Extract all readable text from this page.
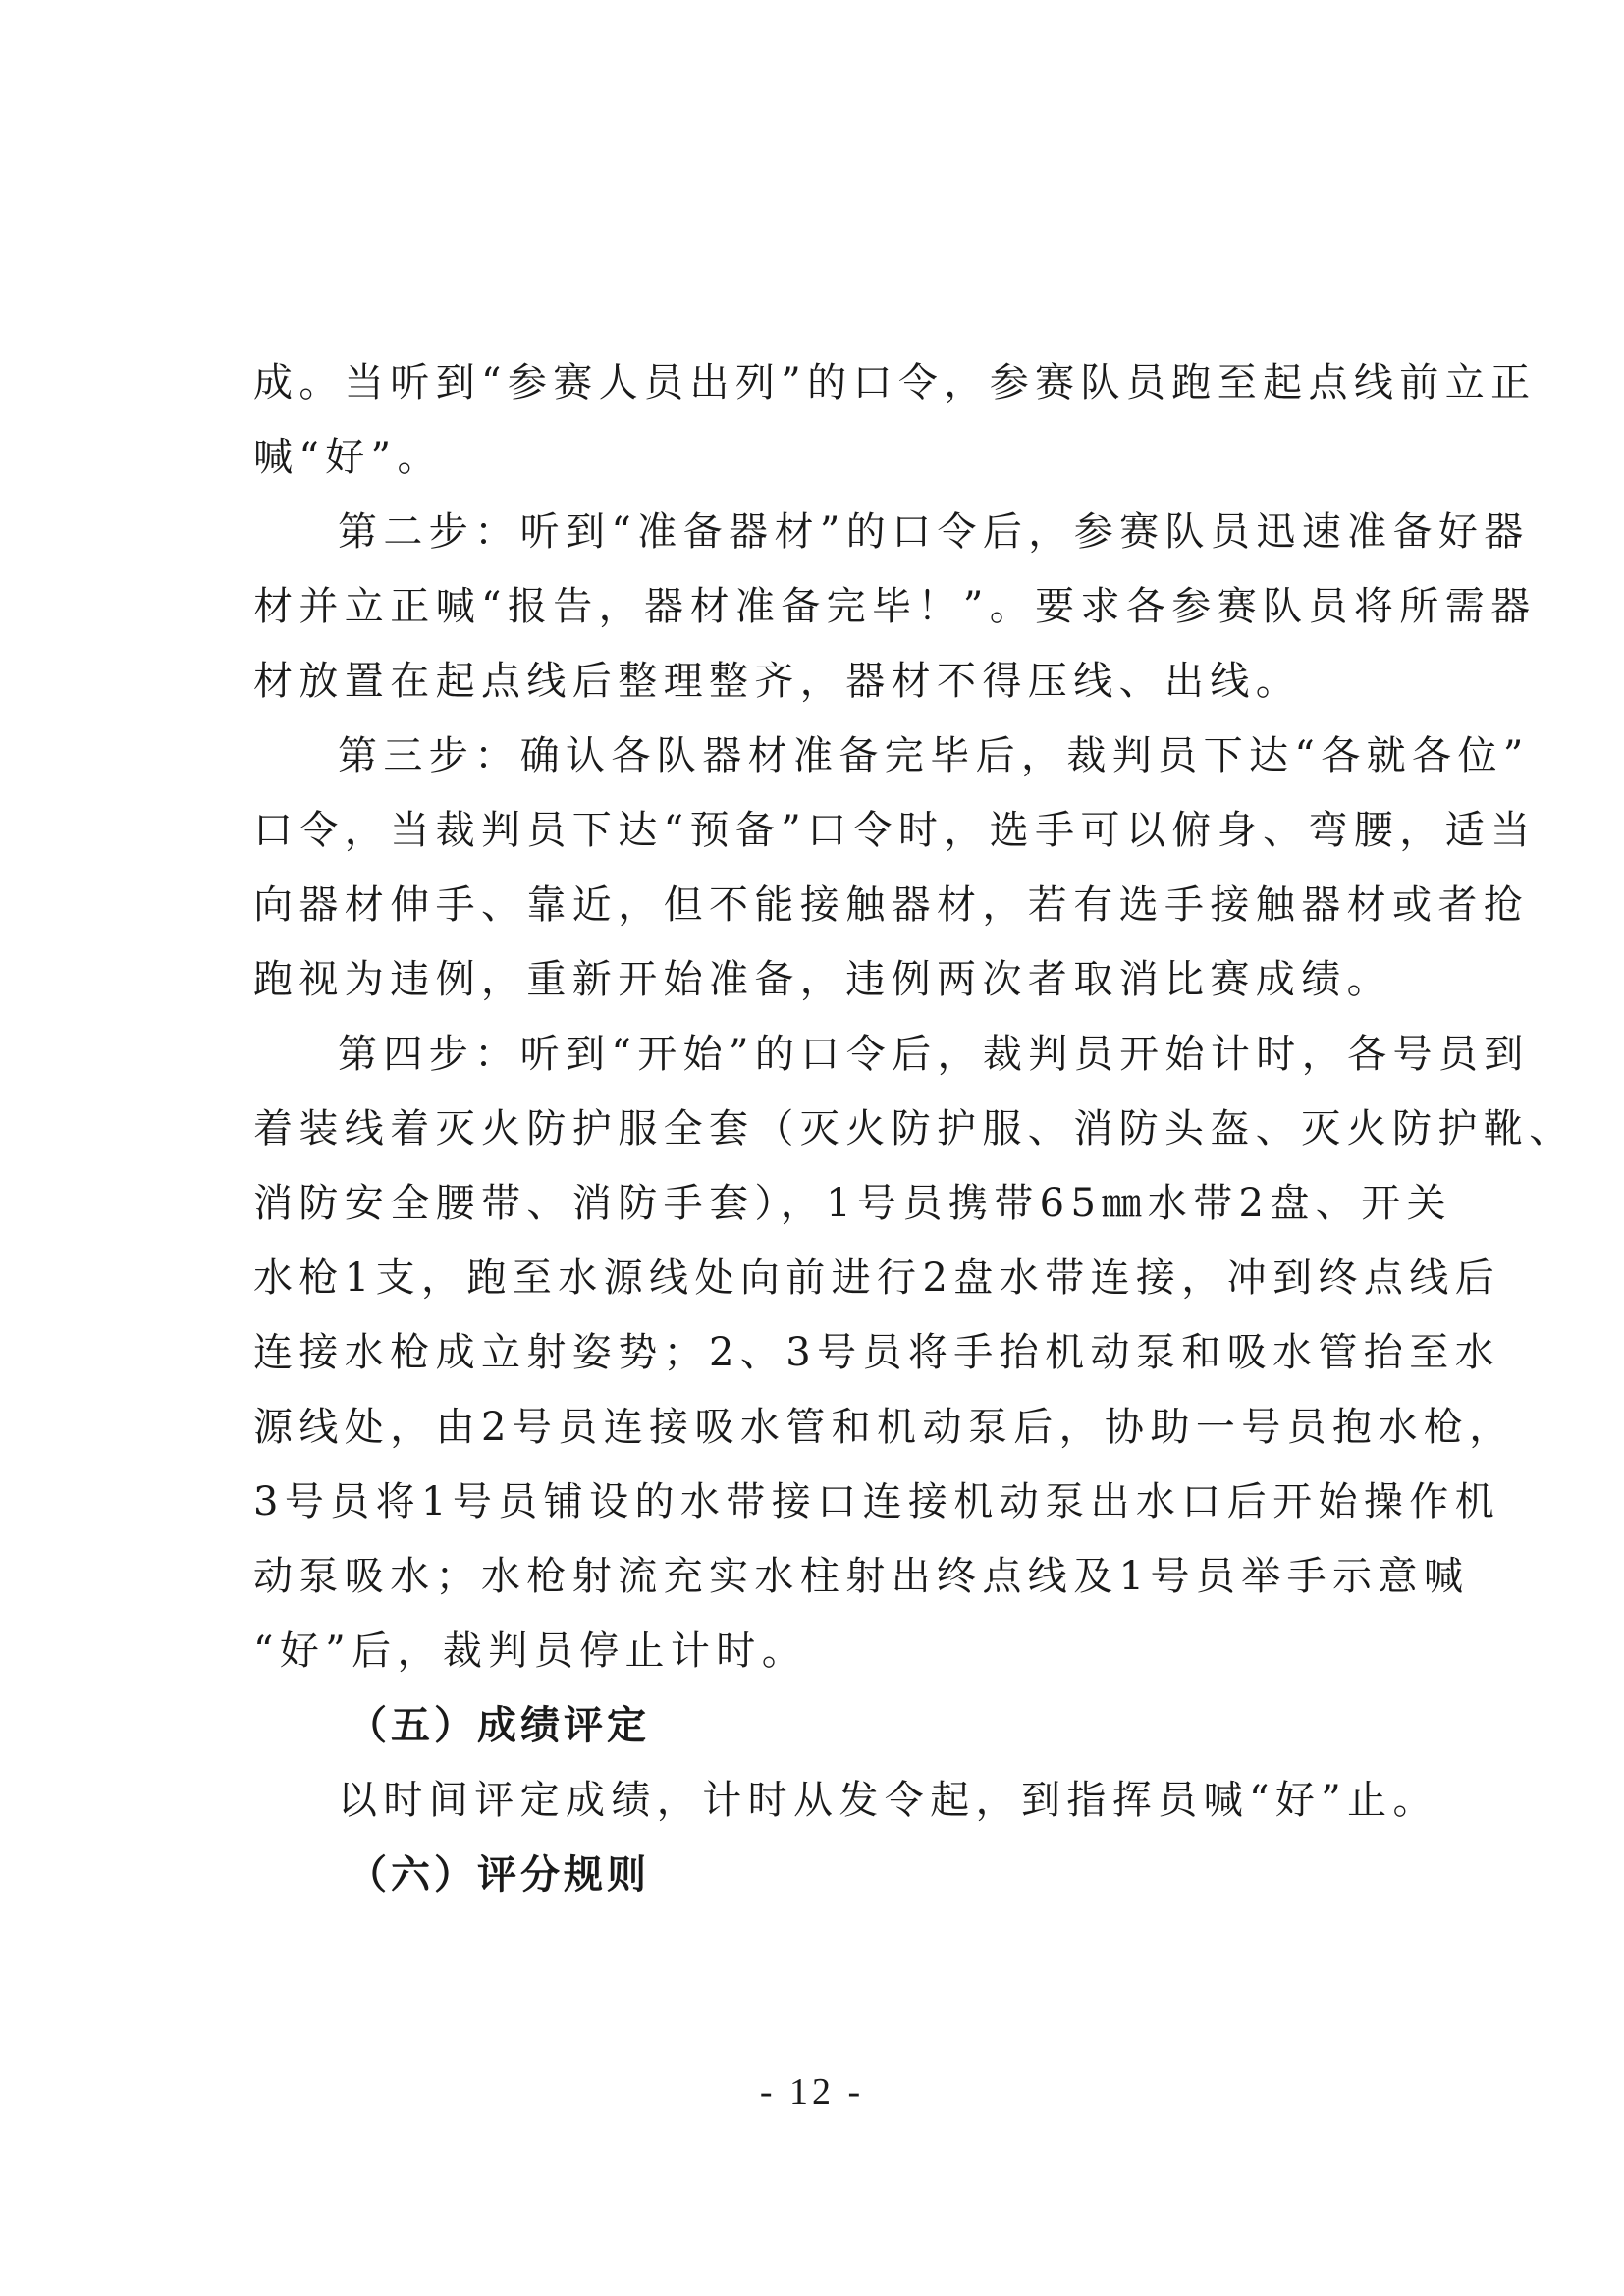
成。当听到“参赛人员出列”的口令，参赛队员跑至起点线前立正

喊“好”。

第二步：听到“准备器材”的口令后，参赛队员迅速准备好器

材并立正喊“报告，器材准备完毕！”。要求各参赛队员将所需器

材放置在起点线后整理整齐，器材不得压线、出线。

第三步：确认各队器材准备完毕后，裁判员下达“各就各位”

口令，当裁判员下达“预备”口令时，选手可以俯身、弯腰，适当

向器材伸手、靠近，但不能接触器材，若有选手接触器材或者抢

跑视为违例，重新开始准备，违例两次者取消比赛成绩。

第四步：听到“开始”的口令后，裁判员开始计时，各号员到

着装线着灭火防护服全套（灭火防护服、消防头盔、灭火防护靴、

消防安全腰带、消防手套），1号员携带65㎜水带2盘、开关

水枪1支，跑至水源线处向前进行2盘水带连接，冲到终点线后

连接水枪成立射姿势；2、3号员将手抬机动泵和吸水管抬至水

源线处，由2号员连接吸水管和机动泵后，协助一号员抱水枪，

3号员将1号员铺设的水带接口连接机动泵出水口后开始操作机

动泵吸水；水枪射流充实水柱射出终点线及1号员举手示意喊

“好”后，裁判员停止计时。

（五）成绩评定

以时间评定成绩，计时从发令起，到指挥员喊“好”止。

（六）评分规则

- 12 -
